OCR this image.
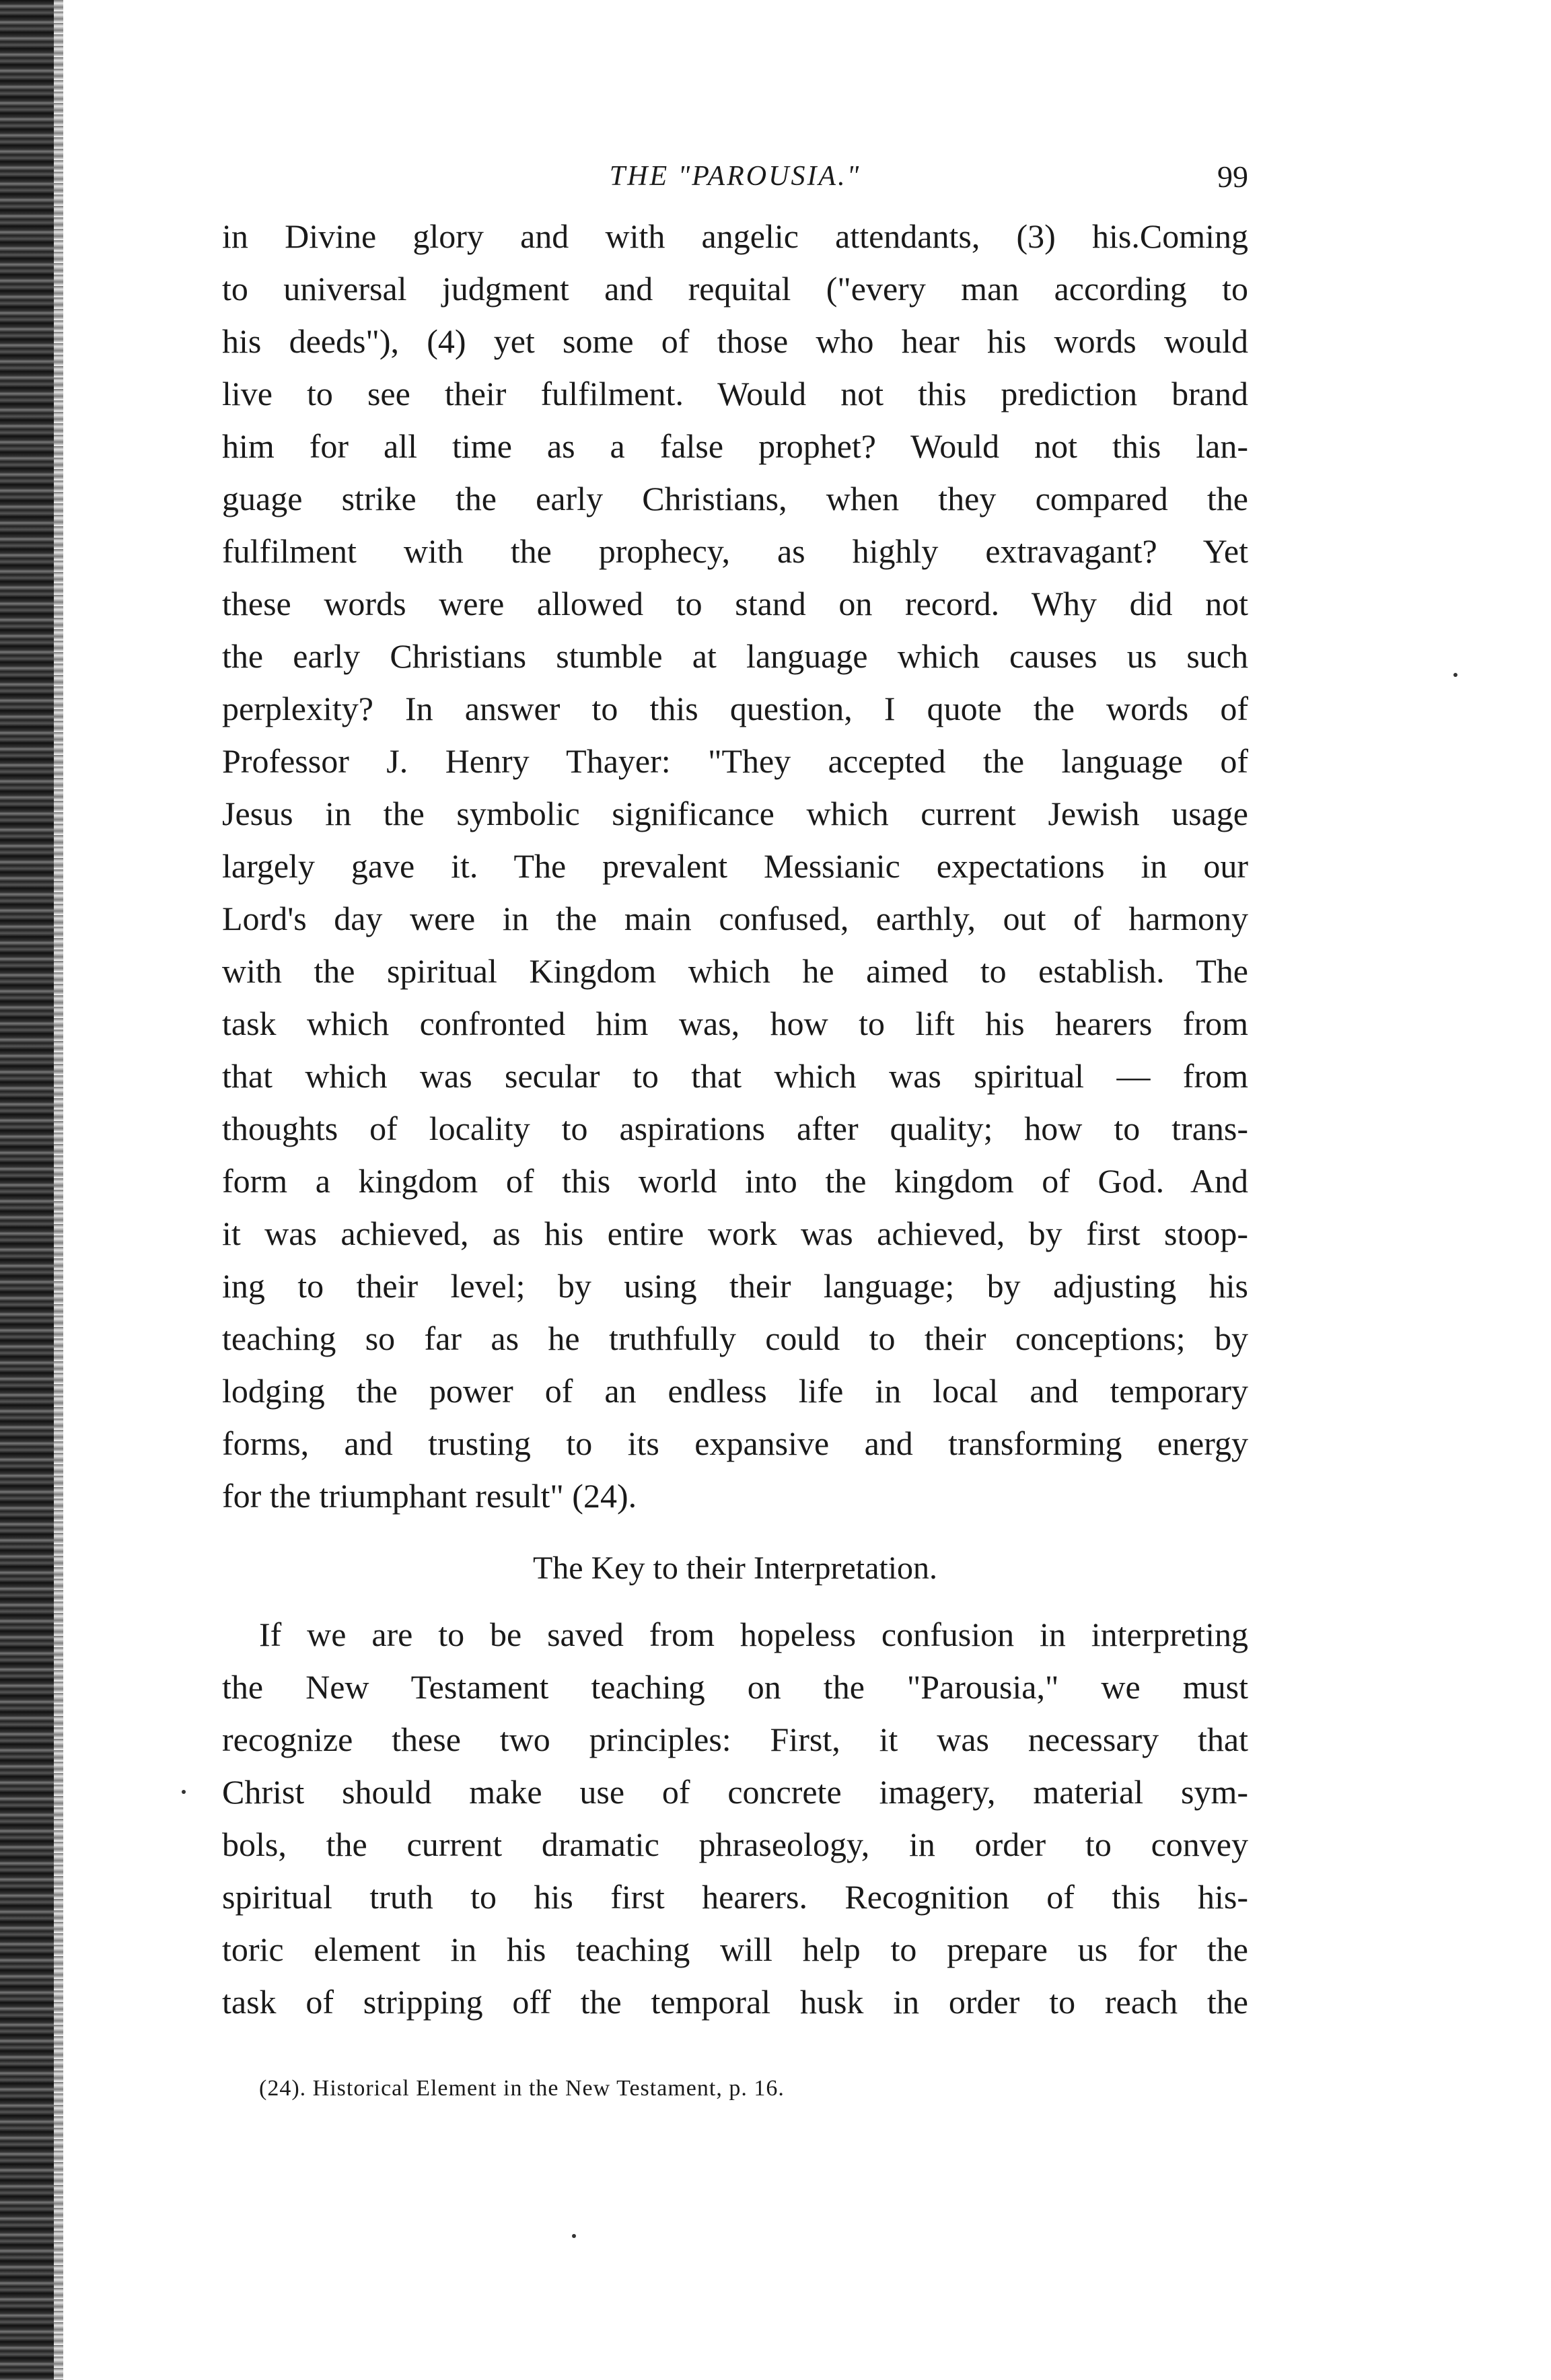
THE "PAROUSIA."	99
in Divine glory and with angelic attendants, (3) his.Coming
to universal judgment and requital ("every man according to
his deeds"), (4) yet some of those who hear his words would
live to see their fulfilment. Would not this prediction brand
him for all time as a false prophet? Would not this lan-
guage strike the early Christians, when they compared the
fulfilment with the prophecy, as highly extravagant? Yet
these words were allowed to stand on record. Why did not
the early Christians stumble at language which causes us such
perplexity? In answer to this question, I quote the words of
Professor J. Henry Thayer: "They accepted the language of
Jesus in the symbolic significance which current Jewish usage
largely gave it. The prevalent Messianic expectations in our
Lord's day were in the main confused, earthly, out of harmony
with the spiritual Kingdom which he aimed to establish. The
task which confronted him was, how to lift his hearers from
that which was secular to that which was spiritual — from
thoughts of locality to aspirations after quality; how to trans-
form a kingdom of this world into the kingdom of God. And
it was achieved, as his entire work was achieved, by first stoop-
ing to their level; by using their language; by adjusting his
teaching so far as he truthfully could to their conceptions; by
lodging the power of an endless life in local and temporary
forms, and trusting to its expansive and transforming energy
for the triumphant result" (24).
The Key to their Interpretation.
If we are to be saved from hopeless confusion in interpreting
the New Testament teaching on the "Parousia," we must
recognize these two principles: First, it was necessary that
Christ should make use of concrete imagery, material sym-
bols, the current dramatic phraseology, in order to convey
spiritual truth to his first hearers. Recognition of this his-
toric element in his teaching will help to prepare us for the
task of stripping off the temporal husk in order to reach the
(24). Historical Element in the New Testament, p. 16.
